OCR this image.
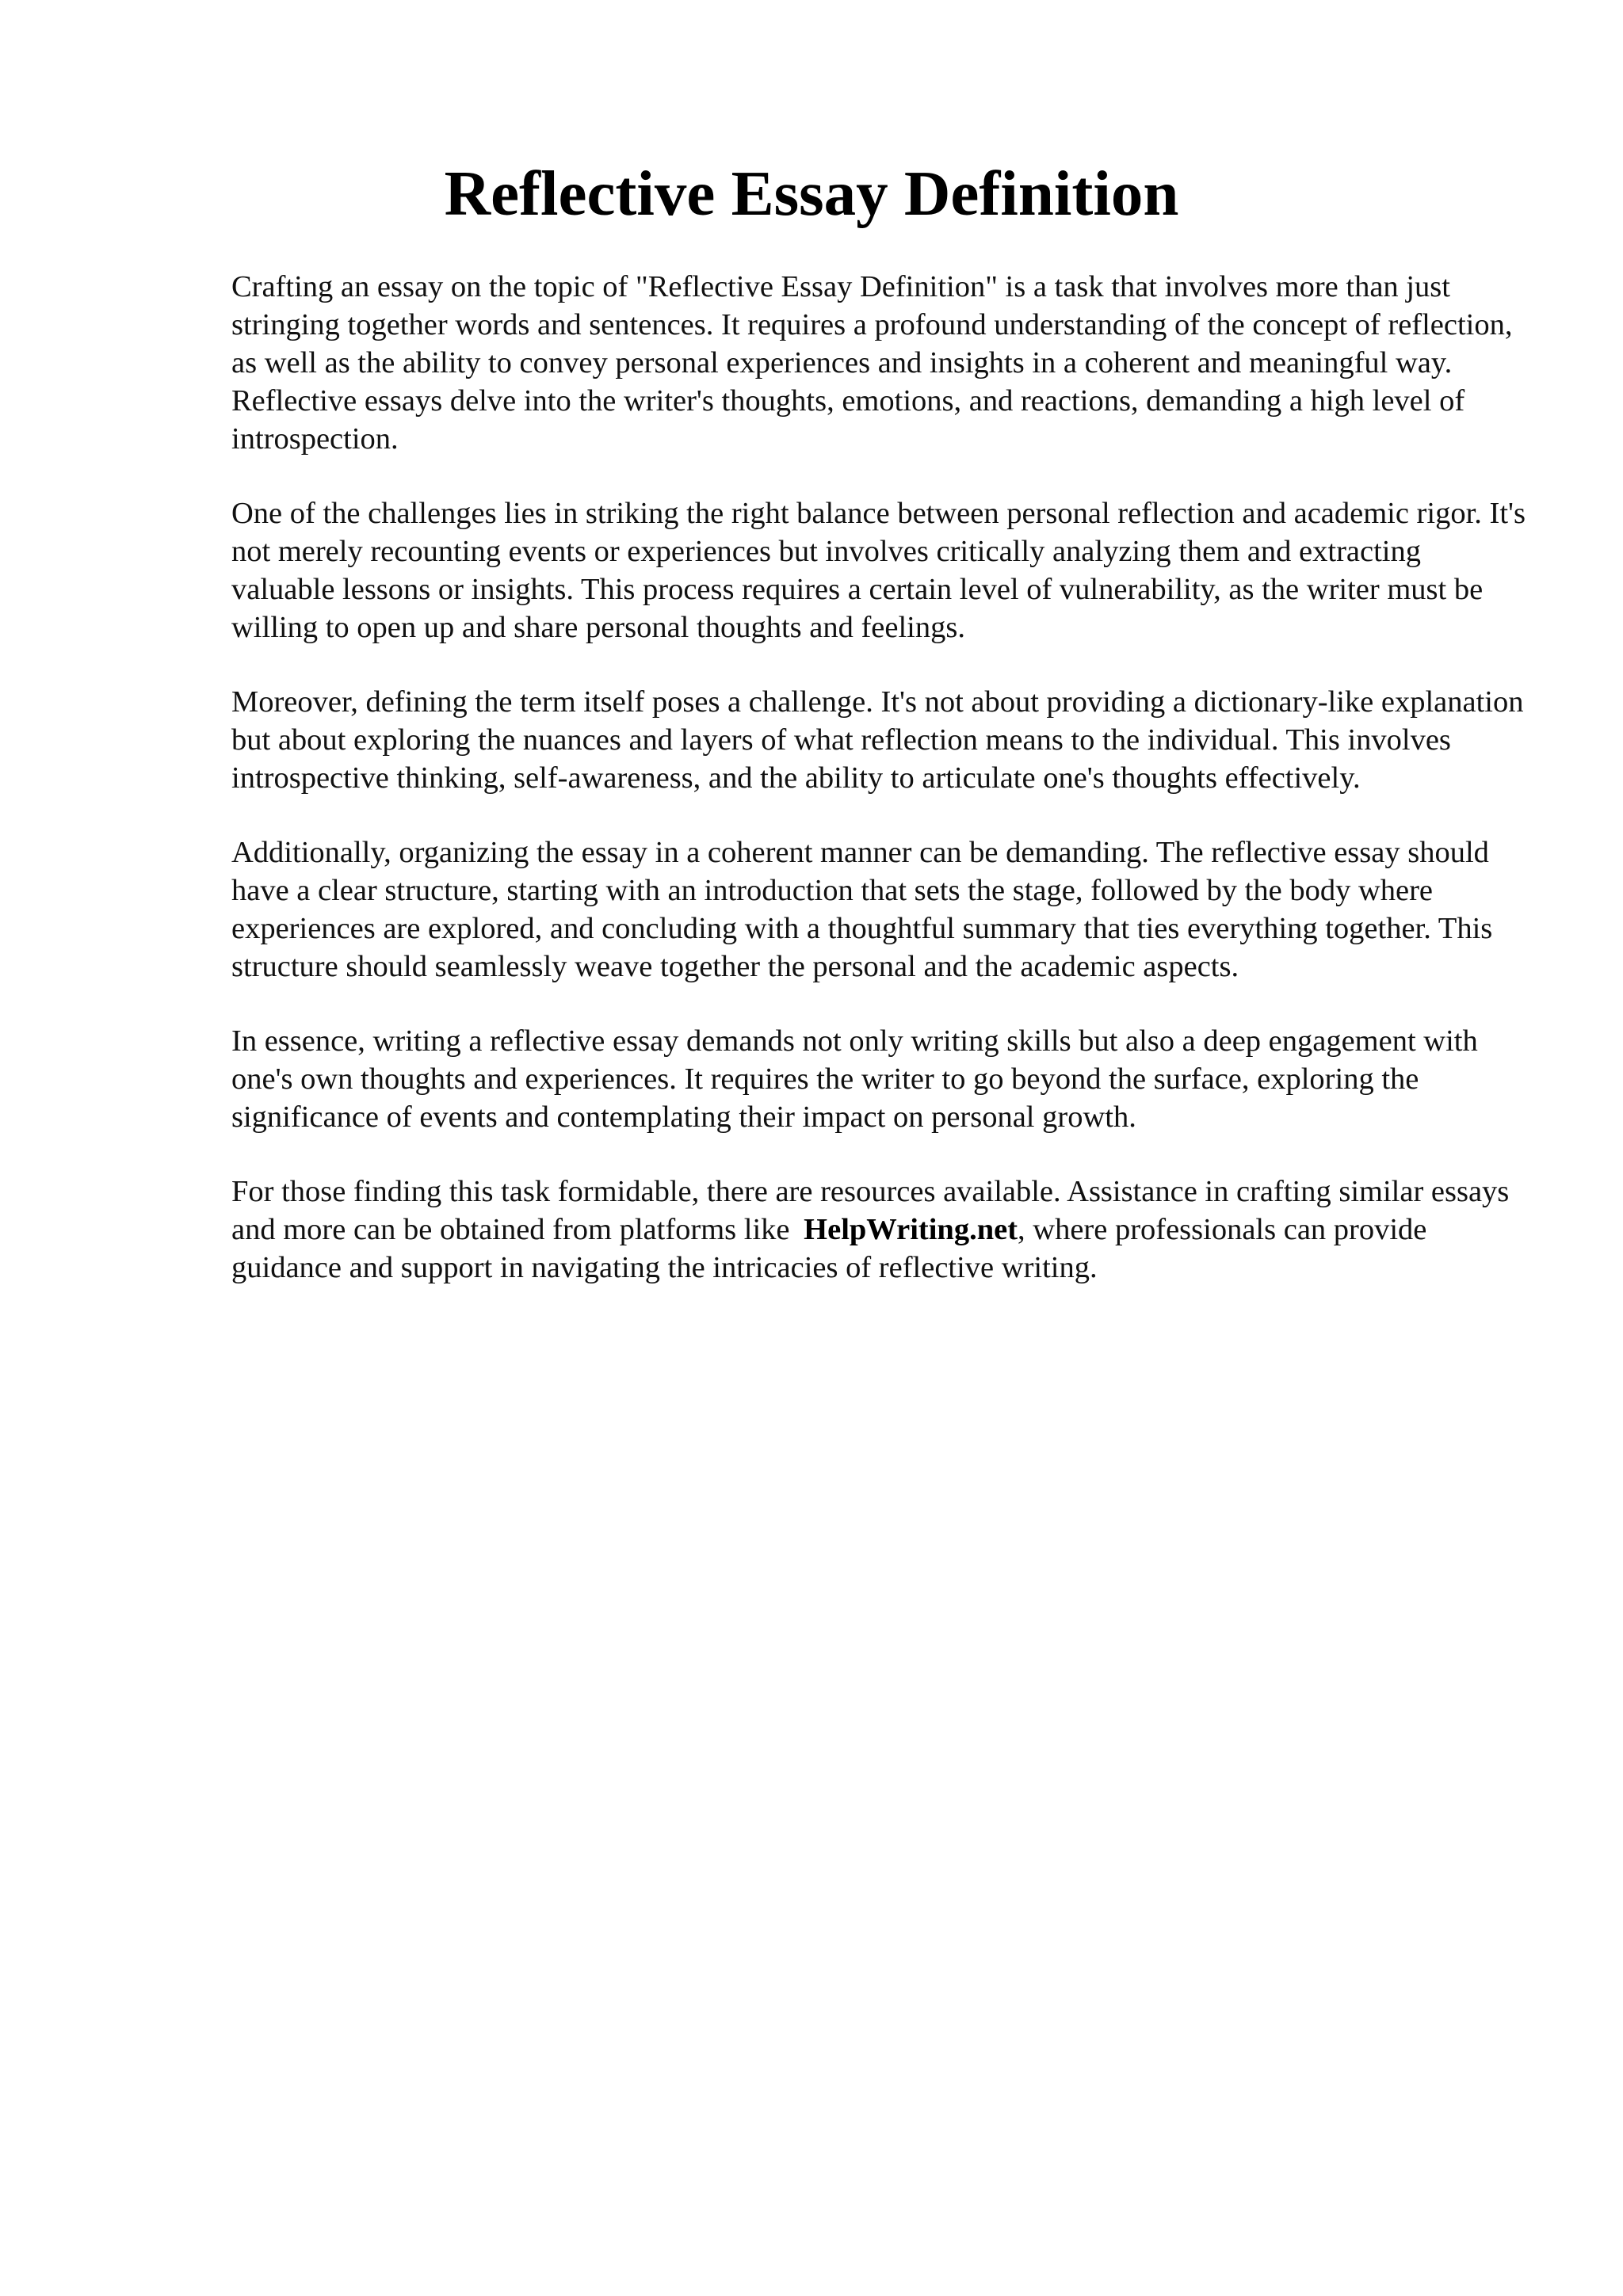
Reflective Essay Definition

Crafting an essay on the topic of "Reflective Essay Definition" is a task that involves more than just stringing together words and sentences. It requires a profound understanding of the concept of reflection, as well as the ability to convey personal experiences and insights in a coherent and meaningful way. Reflective essays delve into the writer's thoughts, emotions, and reactions, demanding a high level of introspection.

One of the challenges lies in striking the right balance between personal reflection and academic rigor. It's not merely recounting events or experiences but involves critically analyzing them and extracting valuable lessons or insights. This process requires a certain level of vulnerability, as the writer must be willing to open up and share personal thoughts and feelings.

Moreover, defining the term itself poses a challenge. It's not about providing a dictionary-like explanation but about exploring the nuances and layers of what reflection means to the individual. This involves introspective thinking, self-awareness, and the ability to articulate one's thoughts effectively.

Additionally, organizing the essay in a coherent manner can be demanding. The reflective essay should have a clear structure, starting with an introduction that sets the stage, followed by the body where experiences are explored, and concluding with a thoughtful summary that ties everything together. This structure should seamlessly weave together the personal and the academic aspects.

In essence, writing a reflective essay demands not only writing skills but also a deep engagement with one's own thoughts and experiences. It requires the writer to go beyond the surface, exploring the significance of events and contemplating their impact on personal growth.

For those finding this task formidable, there are resources available. Assistance in crafting similar essays and more can be obtained from platforms like HelpWriting.net, where professionals can provide guidance and support in navigating the intricacies of reflective writing.
